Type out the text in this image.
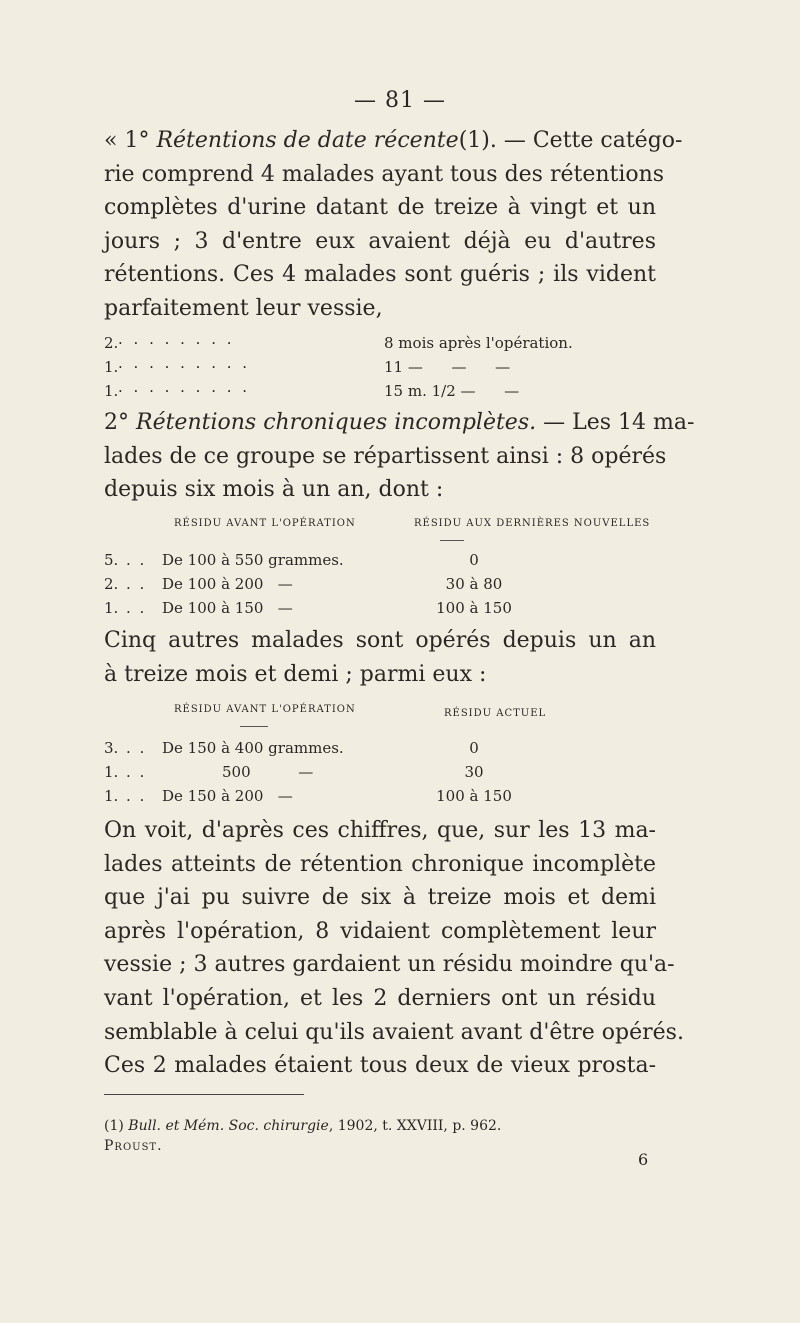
— 81 —
« 1° Rétentions de date récente(1). — Cette catégo-
rie comprend 4 malades ayant tous des rétentions
complètes d'urine datant de treize à vingt et un
jours ; 3 d'entre eux avaient déjà eu d'autres
rétentions. Ces 4 malades sont guéris ; ils vident
parfaitement leur vessie,
2. · · · · · · · ·	8 mois après l'opération.
1. · · · · · · · · ·	11 —      —      —
1. · · · · · · · · ·	15 m. 1/2 —      —
2° Rétentions chroniques incomplètes. — Les 14 ma-
lades de ce groupe se répartissent ainsi : 8 opérés
depuis six mois à un an, dont :
RÉSIDU AVANT L'OPÉRATION	RÉSIDU AUX DERNIÈRES NOUVELLES
5. . . De 100 à 550 grammes.	0
2. . . De 100 à 200   —	30 à 80
1. . . De 100 à 150   —	100 à 150
Cinq autres malades sont opérés depuis un an
à treize mois et demi ; parmi eux :
RÉSIDU AVANT L'OPÉRATION	RÉSIDU ACTUEL
3. . . De 150 à 400 grammes.	0
1. . .	500          —	30
1. . . De 150 à 200   —	100 à 150
On voit, d'après ces chiffres, que, sur les 13 ma-
lades atteints de rétention chronique incomplète
que j'ai pu suivre de six à treize mois et demi
après l'opération, 8 vidaient complètement leur
vessie ; 3 autres gardaient un résidu moindre qu'a-
vant l'opération, et les 2 derniers ont un résidu
semblable à celui qu'ils avaient avant d'être opérés.
Ces 2 malades étaient tous deux de vieux prosta-
(1) Bull. et Mém. Soc. chirurgie, 1902, t. XXVIII, p. 962.
Proust.
6
